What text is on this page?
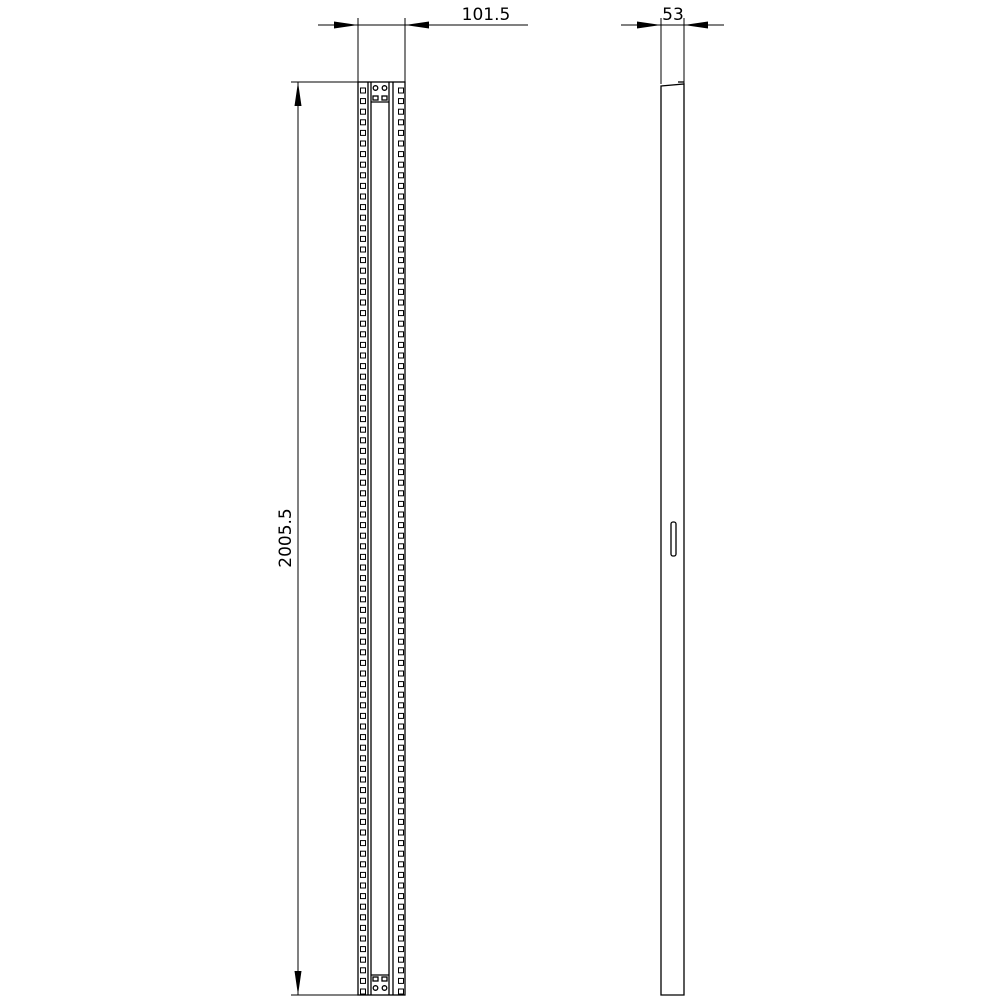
101.5	53
2005.5
